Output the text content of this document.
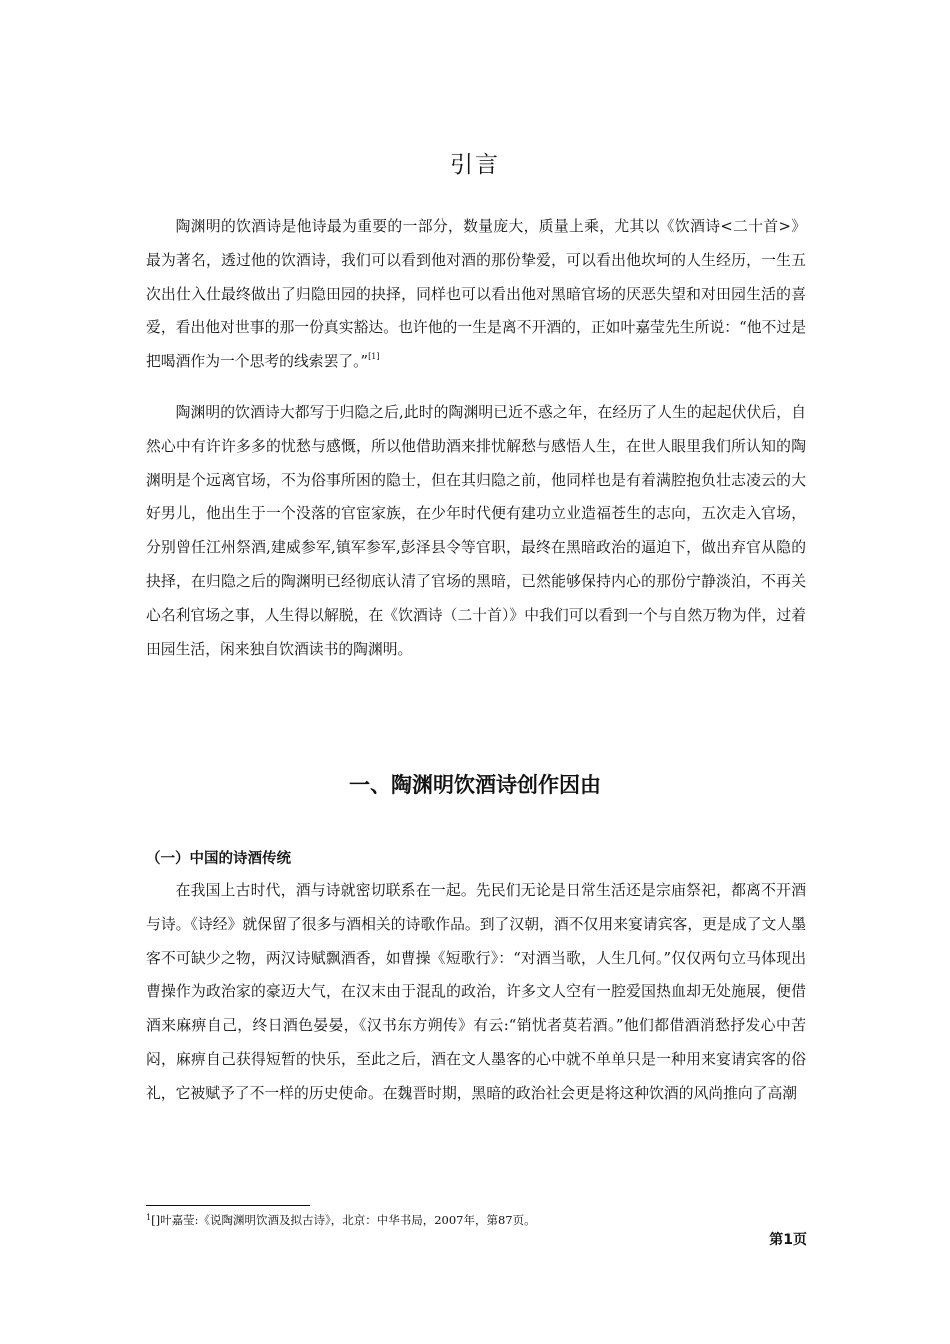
引言

陶渊明的饮酒诗是他诗最为重要的一部分，数量庞大，质量上乘，尤其以《饮酒诗<二十首>》最为著名，透过他的饮酒诗，我们可以看到他对酒的那份挚爱，可以看出他坎坷的人生经历，一生五次出仕入仕最终做出了归隐田园的抉择，同样也可以看出他对黑暗官场的厌恶失望和对田园生活的喜爱，看出他对世事的那一份真实豁达。也许他的一生是离不开酒的，正如叶嘉莹先生所说：“他不过是把喝酒作为一个思考的线索罢了。”[1]

陶渊明的饮酒诗大都写于归隐之后,此时的陶渊明已近不惑之年，在经历了人生的起起伏伏后，自然心中有许许多多的忧愁与感慨，所以他借助酒来排忧解愁与感悟人生，在世人眼里我们所认知的陶渊明是个远离官场，不为俗事所困的隐士，但在其归隐之前，他同样也是有着满腔抱负壮志凌云的大好男儿，他出生于一个没落的官宦家族，在少年时代便有建功立业造福苍生的志向，五次走入官场，分别曾任江州祭酒,建威参军,镇军参军,彭泽县令等官职，最终在黑暗政治的逼迫下，做出弃官从隐的抉择，在归隐之后的陶渊明已经彻底认清了官场的黑暗，已然能够保持内心的那份宁静淡泊，不再关心名利官场之事，人生得以解脱，在《饮酒诗（二十首）》中我们可以看到一个与自然万物为伴，过着田园生活，闲来独自饮酒读书的陶渊明。

一、陶渊明饮酒诗创作因由
（一）中国的诗酒传统

在我国上古时代，酒与诗就密切联系在一起。先民们无论是日常生活还是宗庙祭祀，都离不开酒与诗。《诗经》就保留了很多与酒相关的诗歌作品。到了汉朝，酒不仅用来宴请宾客，更是成了文人墨客不可缺少之物，两汉诗赋飘酒香，如曹操《短歌行》：“对酒当歌，人生几何。”仅仅两句立马体现出曹操作为政治家的豪迈大气，在汉末由于混乱的政治，许多文人空有一腔爱国热血却无处施展，便借酒来麻痹自己，终日酒色晏晏，《汉书东方朔传》有云:“销忧者莫若酒。”他们都借酒消愁抒发心中苦闷，麻痹自己获得短暂的快乐，至此之后，酒在文人墨客的心中就不单单只是一种用来宴请宾客的俗礼，它被赋予了不一样的历史使命。在魏晋时期，黑暗的政治社会更是将这种饮酒的风尚推向了高潮

$^1$[]叶嘉莹:《说陶渊明饮酒及拟古诗》，北京：中华书局，2007年，第87页。
第1页
